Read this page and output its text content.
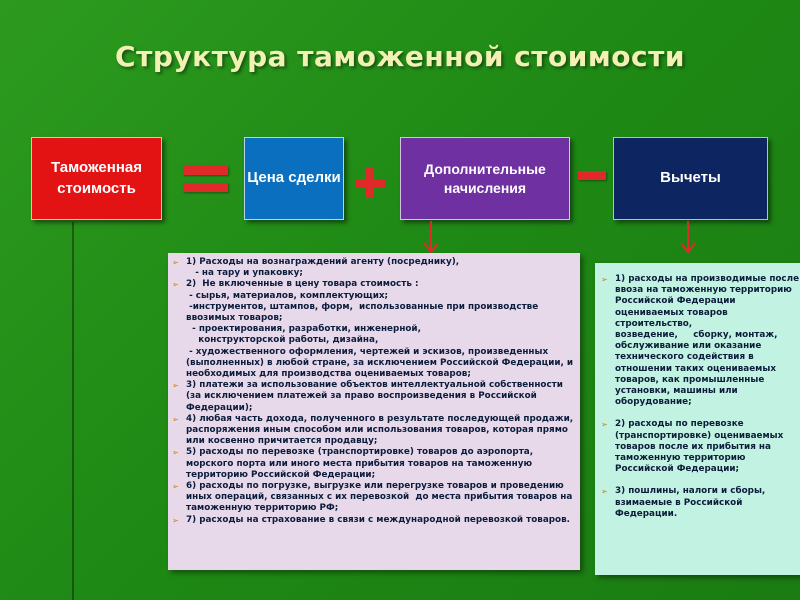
Структура таможенной стоимости
Таможенная стоимость
Цена сделки
Дополнительные начисления
Вычеты
➢ 1) Расходы на вознаграждений агенту (посреднику),
- на тару и упаковку;
➢ 2)  Не включенные в цену товара стоимость :
- сырья, материалов, комплектующих;
-инструментов, штампов, форм,  использованные при производстве ввозимых товаров;
- проектирования, разработки, инженерной,
конструкторской работы, дизайна,
- художественного оформления, чертежей и эскизов, произведенных (выполненных) в любой стране, за исключением Российской Федерации, и необходимых для производства оцениваемых товаров;
➢ 3) платежи за использование объектов интеллектуальной собственности (за исключением платежей за право воспроизведения в Российской Федерации);
➢ 4) любая часть дохода, полученного в результате последующей продажи, распоряжения иным способом или использования товаров, которая прямо или косвенно причитается продавцу;
➢ 5) расходы по перевозке (транспортировке) товаров до аэропорта, морского порта или иного места прибытия товаров на таможенную территорию Российской Федерации;
➢ 6) расходы по погрузке, выгрузке или перегрузке товаров и проведению иных операций, связанных с их перевозкой  до места прибытия товаров на таможенную территорию РФ;
➢ 7) расходы на страхование в связи с международной перевозкой товаров.
➢ 1) расходы на производимые после ввоза на таможенную территорию Российской Федерации оцениваемых товаров строительство,
возведение,     сборку, монтаж, обслуживание или оказание технического содействия в отношении таких оцениваемых товаров, как промышленные установки, машины или оборудование;
➢ 2) расходы по перевозке (транспортировке) оцениваемых товаров после их прибытия на таможенную территорию Российской Федерации;
➢ 3) пошлины, налоги и сборы, взимаемые в Российской Федерации.
